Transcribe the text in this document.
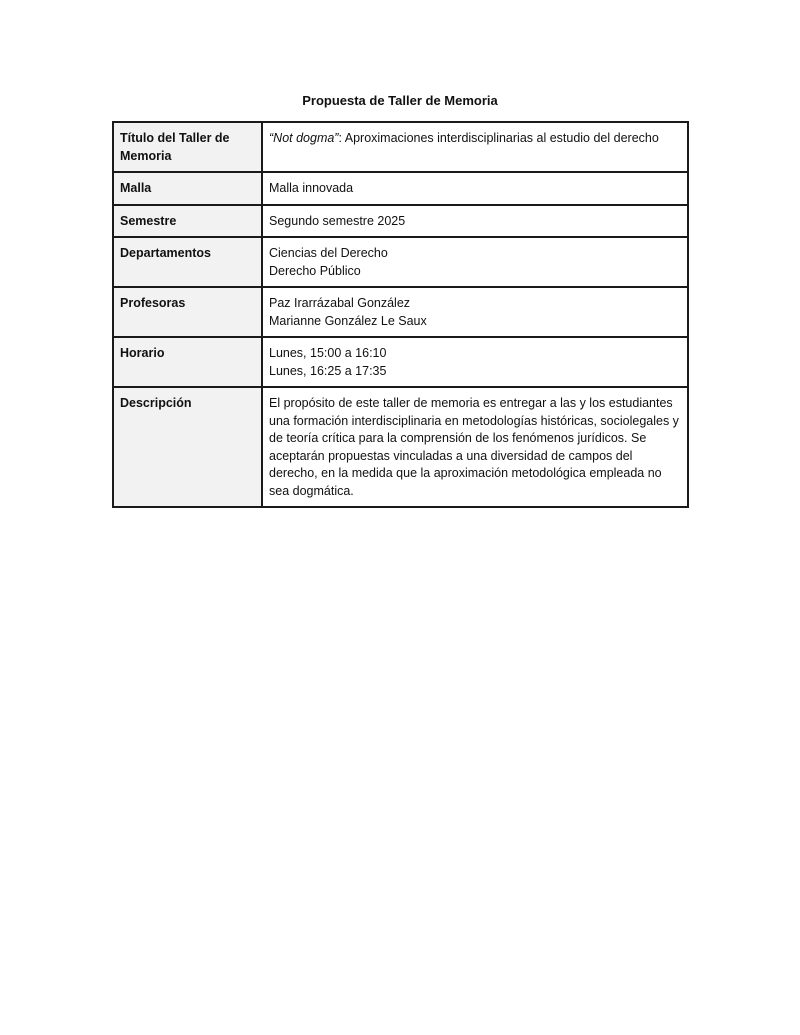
Propuesta de Taller de Memoria
Título del Taller de Memoria	“Not dogma”: Aproximaciones interdisciplinarias al estudio del derecho
Malla	Malla innovada
Semestre	Segundo semestre 2025
Departamentos	Ciencias del Derecho
Derecho Público

Profesoras	Paz Irarrázabal González
Marianne González Le Saux

Horario	Lunes, 15:00 a 16:10
Lunes, 16:25 a 17:35

Descripción	El propósito de este taller de memoria es entregar a las y los estudiantes una formación interdisciplinaria en metodologías históricas, sociolegales y de teoría crítica para la comprensión de los fenómenos jurídicos. Se aceptarán propuestas vinculadas a una diversidad de campos del derecho, en la medida que la aproximación metodológica empleada no sea dogmática.
